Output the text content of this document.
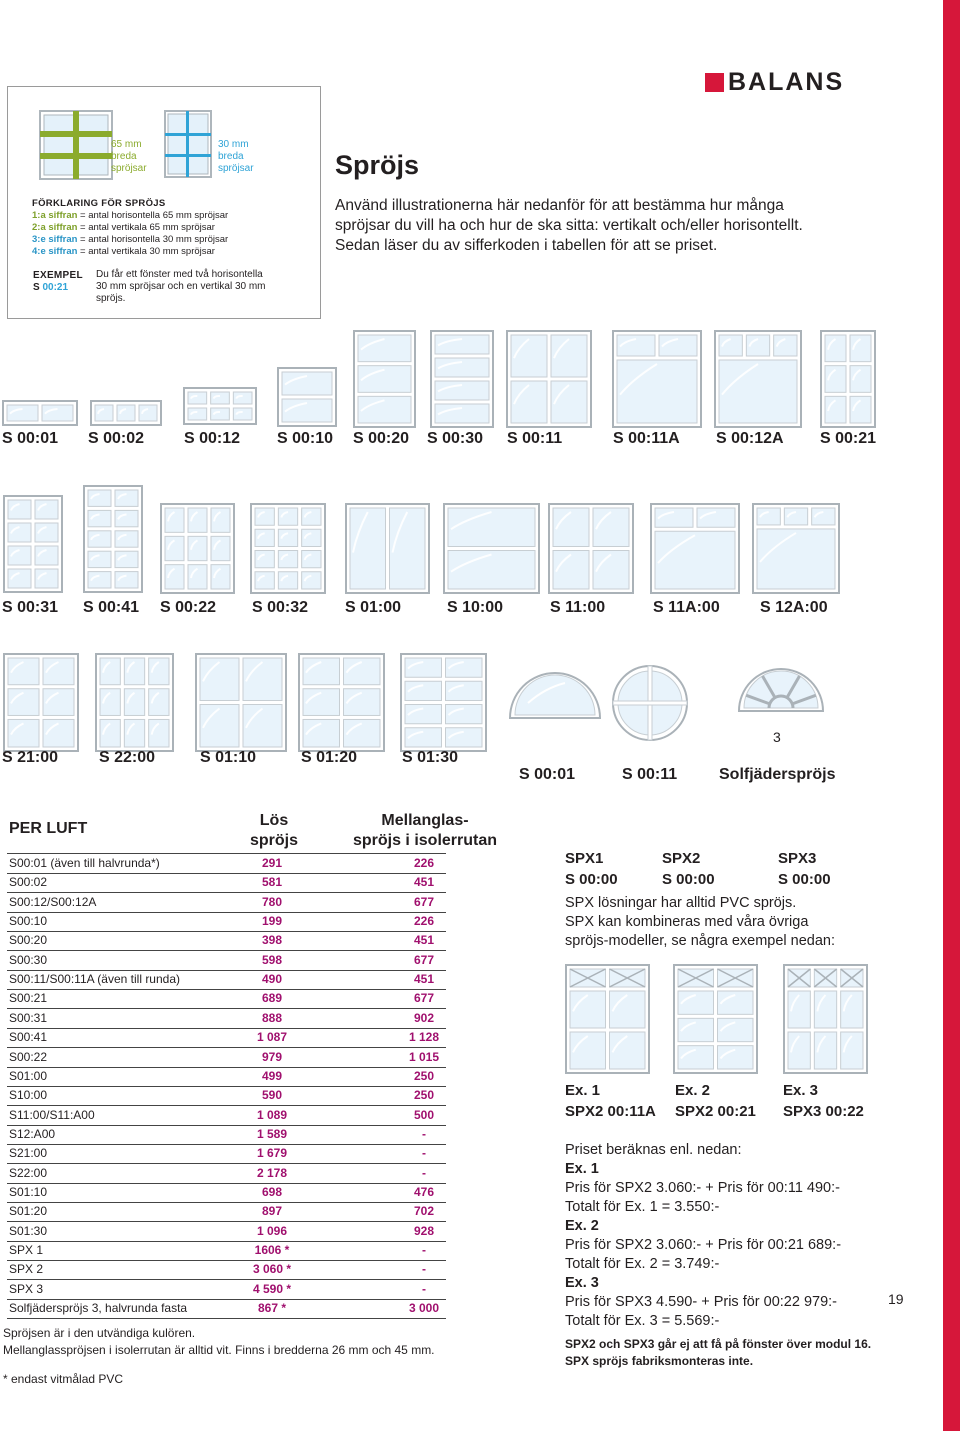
BALANS
65 mm
breda
spröjsar
30 mm
breda
spröjsar
FÖRKLARING FÖR SPRÖJS
1:a siffran = antal horisontella 65 mm spröjsar
2:a siffran = antal vertikala 65 mm spröjsar
3:e siffran = antal horisontella 30 mm spröjsar
4:e siffran = antal vertikala 30 mm spröjsar
EXEMPEL
S 00:21
Du får ett fönster med två horisontella 30 mm spröjsar och en vertikal 30 mm spröjs.
Spröjs
Använd illustrationerna här nedanför för att bestämma hur många spröjsar du vill ha och hur de ska sitta: vertikalt och/eller horisontellt. Sedan läser du av sifferkoden i tabellen för att se priset.
S 00:01 S 00:02 S 00:12 S 00:10 S 00:20 S 00:30 S 00:11	S 00:11A S 00:12A S 00:21
S 00:31 S 00:41 S 00:22 S 00:32 S 01:00	S 10:00	S 11:00	S 11A:00	S 12A:00
S 21:00	S 22:00	S 01:10	S 01:20	S 01:30
S 00:01	S 00:11	Solfjäderspröjs
3
PER LUFT	Lös
spröjs
Mellanglas-
spröjs i isolerrutan
S00:01 (även till halvrunda*)	291	226
S00:02	581	451
S00:12/S00:12A	780	677
S00:10	199	226
S00:20	398	451
S00:30	598	677
S00:11/S00:11A (även till runda)	490	451
S00:21	689	677
S00:31	888	902
S00:41	1 087	1 128
S00:22	979	1 015
S01:00	499	250
S10:00	590	250
S11:00/S11:A00	1 089	500
S12:A00	1 589	-
S21:00	1 679	-
S22:00	2 178	-
S01:10	698	476
S01:20	897	702
S01:30	1 096	928
SPX 1	1606 *	-
SPX 2	3 060 *	-
SPX 3	4 590 *	-
Solfjäderspröjs 3, halvrunda fasta	867 *	3 000
Spröjsen är i den utvändiga kulören.
Mellanglasspröjsen i isolerrutan är alltid vit. Finns i bredderna 26 mm och 45 mm.
* endast vitmålad PVC
SPX1
S 00:00
SPX2
S 00:00
SPX3
S 00:00
SPX lösningar har alltid PVC spröjs.
SPX kan kombineras med våra övriga spröjs-modeller, se några exempel nedan:
Ex. 1
SPX2 00:11A
Ex. 2
SPX2 00:21
Ex. 3
SPX3 00:22
Priset beräknas enl. nedan:
Ex. 1
Pris för SPX2 3.060:- + Pris för 00:11 490:-
Totalt för Ex. 1 = 3.550:-
Ex. 2
Pris för SPX2 3.060:- + Pris för 00:21 689:-
Totalt för Ex. 2 = 3.749:-
Ex. 3
Pris för SPX3 4.590- + Pris för 00:22 979:-
Totalt för Ex. 3 = 5.569:-
SPX2 och SPX3 går ej att få på fönster över modul 16.
SPX spröjs fabriksmonteras inte.
19
